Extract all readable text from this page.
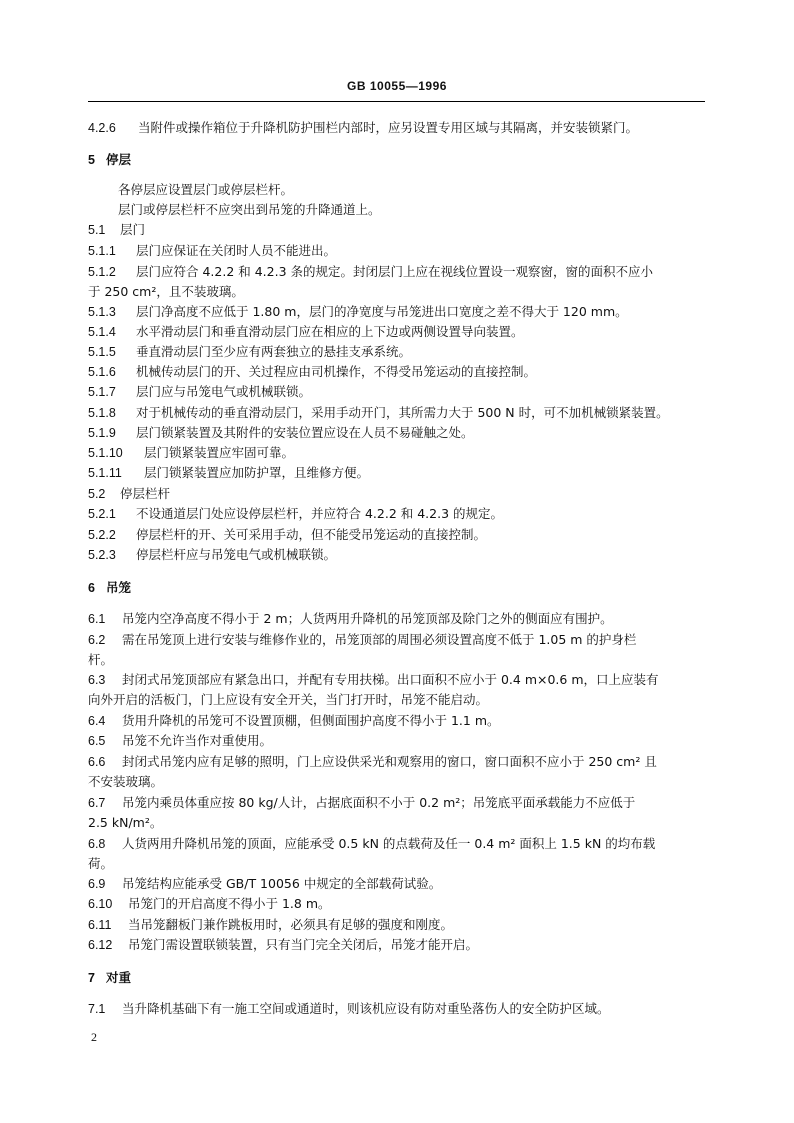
GB 10055—1996
4.2.6 当附件或操作箱位于升降机防护围栏内部时，应另设置专用区域与其隔离，并安装锁紧门。
5 停层
各停层应设置层门或停层栏杆。
层门或停层栏杆不应突出到吊笼的升降通道上。
5.1 层门
5.1.1 层门应保证在关闭时人员不能进出。
5.1.2 层门应符合 4.2.2 和 4.2.3 条的规定。封闭层门上应在视线位置设一观察窗，窗的面积不应小
于 250 cm²，且不装玻璃。
5.1.3 层门净高度不应低于 1.80 m，层门的净宽度与吊笼进出口宽度之差不得大于 120 mm。
5.1.4 水平滑动层门和垂直滑动层门应在相应的上下边或两侧设置导向装置。
5.1.5 垂直滑动层门至少应有两套独立的悬挂支承系统。
5.1.6 机械传动层门的开、关过程应由司机操作，不得受吊笼运动的直接控制。
5.1.7 层门应与吊笼电气或机械联锁。
5.1.8 对于机械传动的垂直滑动层门，采用手动开门，其所需力大于 500 N 时，可不加机械锁紧装置。
5.1.9 层门锁紧装置及其附件的安装位置应设在人员不易碰触之处。
5.1.10 层门锁紧装置应牢固可靠。
5.1.11 层门锁紧装置应加防护罩，且维修方便。
5.2 停层栏杆
5.2.1 不设通道层门处应设停层栏杆，并应符合 4.2.2 和 4.2.3 的规定。
5.2.2 停层栏杆的开、关可采用手动，但不能受吊笼运动的直接控制。
5.2.3 停层栏杆应与吊笼电气或机械联锁。
6 吊笼
6.1 吊笼内空净高度不得小于 2 m；人货两用升降机的吊笼顶部及除门之外的侧面应有围护。
6.2 需在吊笼顶上进行安装与维修作业的，吊笼顶部的周围必须设置高度不低于 1.05 m 的护身栏
杆。
6.3 封闭式吊笼顶部应有紧急出口，并配有专用扶梯。出口面积不应小于 0.4 m×0.6 m，口上应装有
向外开启的活板门，门上应设有安全开关，当门打开时，吊笼不能启动。
6.4 货用升降机的吊笼可不设置顶棚，但侧面围护高度不得小于 1.1 m。
6.5 吊笼不允许当作对重使用。
6.6 封闭式吊笼内应有足够的照明，门上应设供采光和观察用的窗口，窗口面积不应小于 250 cm² 且
不安装玻璃。
6.7 吊笼内乘员体重应按 80 kg/人计，占据底面积不小于 0.2 m²；吊笼底平面承载能力不应低于
2.5 kN/m²。
6.8 人货两用升降机吊笼的顶面，应能承受 0.5 kN 的点载荷及任一 0.4 m² 面积上 1.5 kN 的均布载
荷。
6.9 吊笼结构应能承受 GB/T 10056 中规定的全部载荷试验。
6.10 吊笼门的开启高度不得小于 1.8 m。
6.11 当吊笼翻板门兼作跳板用时，必须具有足够的强度和刚度。
6.12 吊笼门需设置联锁装置，只有当门完全关闭后，吊笼才能开启。
7 对重
7.1 当升降机基础下有一施工空间或通道时，则该机应设有防对重坠落伤人的安全防护区域。
2
